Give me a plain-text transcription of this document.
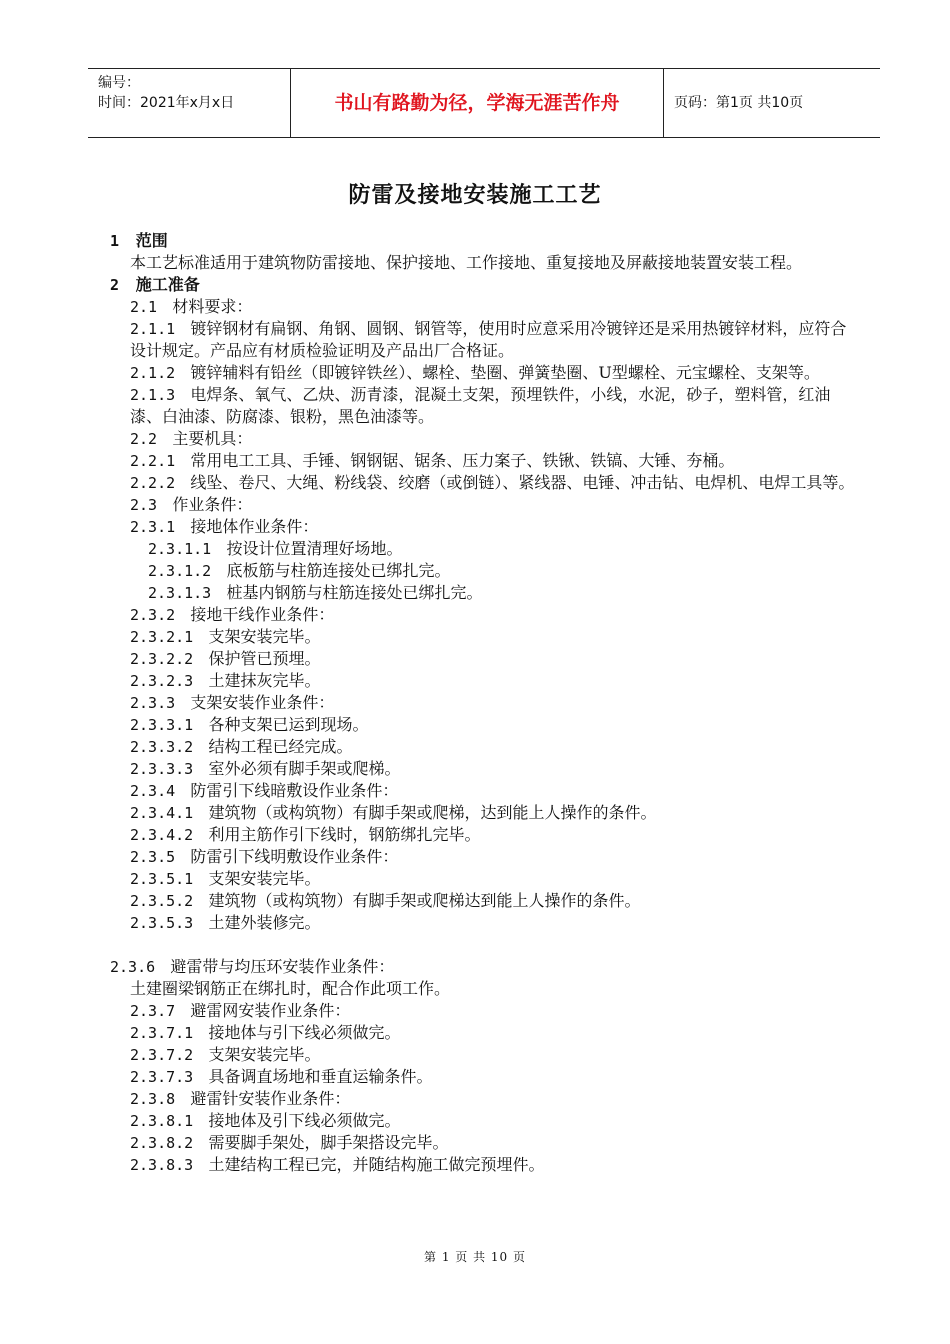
编号：
时间：2021年x月x日	书山有路勤为径，学海无涯苦作舟	页码：第1页 共10页
防雷及接地安装施工工艺
1 范围
本工艺标准适用于建筑物防雷接地、保护接地、工作接地、重复接地及屏蔽接地装置安装工程。
2 施工准备
2.1 材料要求：
2.1.1 镀锌钢材有扁钢、角钢、圆钢、钢管等，使用时应意采用冷镀锌还是采用热镀锌材料，应符合设计规定。产品应有材质检验证明及产品出厂合格证。
2.1.2 镀锌辅料有铅丝（即镀锌铁丝）、螺栓、垫圈、弹簧垫圈、U型螺栓、元宝螺栓、支架等。
2.1.3 电焊条、氧气、乙炔、沥青漆，混凝土支架，预埋铁件，小线，水泥，砂子，塑料管，红油漆、白油漆、防腐漆、银粉，黑色油漆等。
2.2 主要机具：
2.2.1 常用电工工具、手锤、钢钢锯、锯条、压力案子、铁锹、铁镐、大锤、夯桶。
2.2.2 线坠、卷尺、大绳、粉线袋、绞磨（或倒链）、紧线器、电锤、冲击钻、电焊机、电焊工具等。
2.3 作业条件：
2.3.1 接地体作业条件：
2.3.1.1 按设计位置清理好场地。
2.3.1.2 底板筋与柱筋连接处已绑扎完。
2.3.1.3 桩基内钢筋与柱筋连接处已绑扎完。
2.3.2 接地干线作业条件：
2.3.2.1 支架安装完毕。
2.3.2.2 保护管已预埋。
2.3.2.3 土建抹灰完毕。
2.3.3 支架安装作业条件：
2.3.3.1 各种支架已运到现场。
2.3.3.2 结构工程已经完成。
2.3.3.3 室外必须有脚手架或爬梯。
2.3.4 防雷引下线暗敷设作业条件：
2.3.4.1 建筑物（或构筑物）有脚手架或爬梯，达到能上人操作的条件。
2.3.4.2 利用主筋作引下线时，钢筋绑扎完毕。
2.3.5 防雷引下线明敷设作业条件：
2.3.5.1 支架安装完毕。
2.3.5.2 建筑物（或构筑物）有脚手架或爬梯达到能上人操作的条件。
2.3.5.3 土建外装修完。
2.3.6 避雷带与均压环安装作业条件：
土建圈梁钢筋正在绑扎时，配合作此项工作。
2.3.7 避雷网安装作业条件：
2.3.7.1 接地体与引下线必须做完。
2.3.7.2 支架安装完毕。
2.3.7.3 具备调直场地和垂直运输条件。
2.3.8 避雷针安装作业条件：
2.3.8.1 接地体及引下线必须做完。
2.3.8.2 需要脚手架处，脚手架搭设完毕。
2.3.8.3 土建结构工程已完，并随结构施工做完预埋件。
第 1 页 共 10 页
